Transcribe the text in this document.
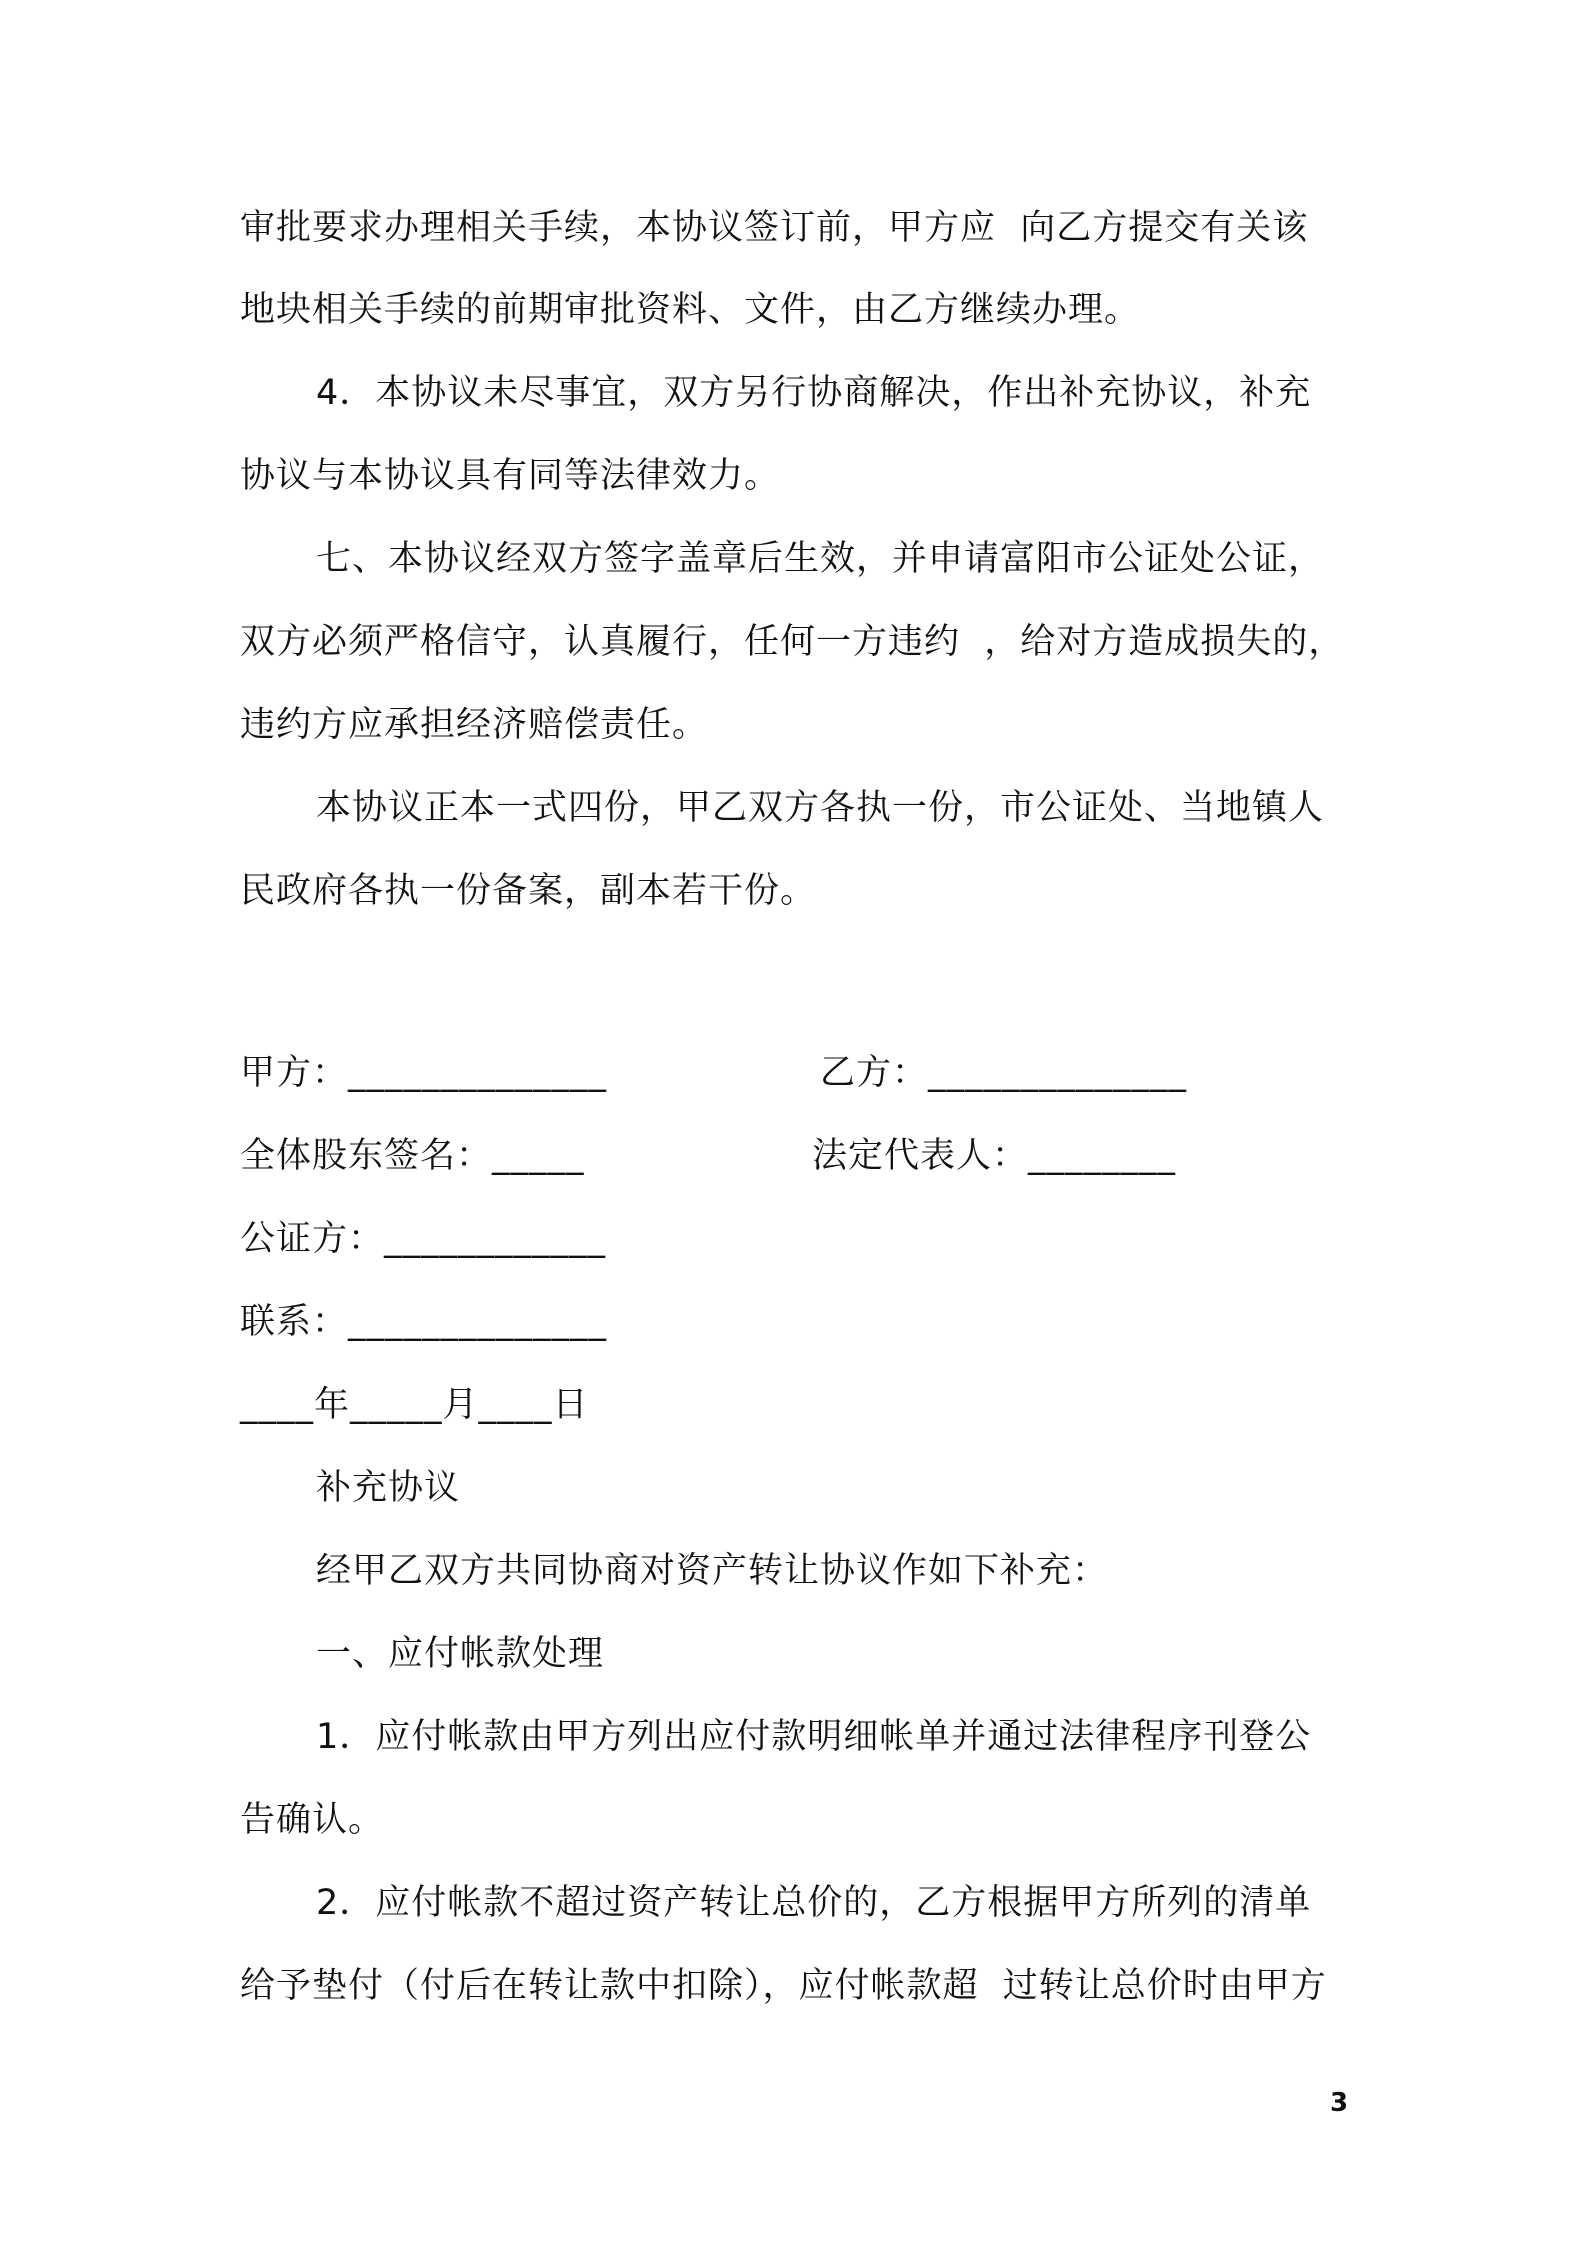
审批要求办理相关手续，本协议签订前，甲方应  向乙方提交有关该
地块相关手续的前期审批资料、文件，由乙方继续办理。
4．本协议未尽事宜，双方另行协商解决，作出补充协议，补充
协议与本协议具有同等法律效力。
七、本协议经双方签字盖章后生效，并申请富阳市公证处公证，
双方必须严格信守，认真履行，任何一方违约  ，给对方造成损失的，
违约方应承担经济赔偿责任。
本协议正本一式四份，甲乙双方各执一份，市公证处、当地镇人
民政府各执一份备案，副本若干份。
甲方：______________	乙方：______________
全体股东签名：_____	法定代表人：________
公证方：____________
联系：______________
____年_____月____日
补充协议
经甲乙双方共同协商对资产转让协议作如下补充：
一、应付帐款处理
1．应付帐款由甲方列出应付款明细帐单并通过法律程序刊登公
告确认。
2．应付帐款不超过资产转让总价的，乙方根据甲方所列的清单
给予垫付（付后在转让款中扣除），应付帐款超  过转让总价时由甲方
3
